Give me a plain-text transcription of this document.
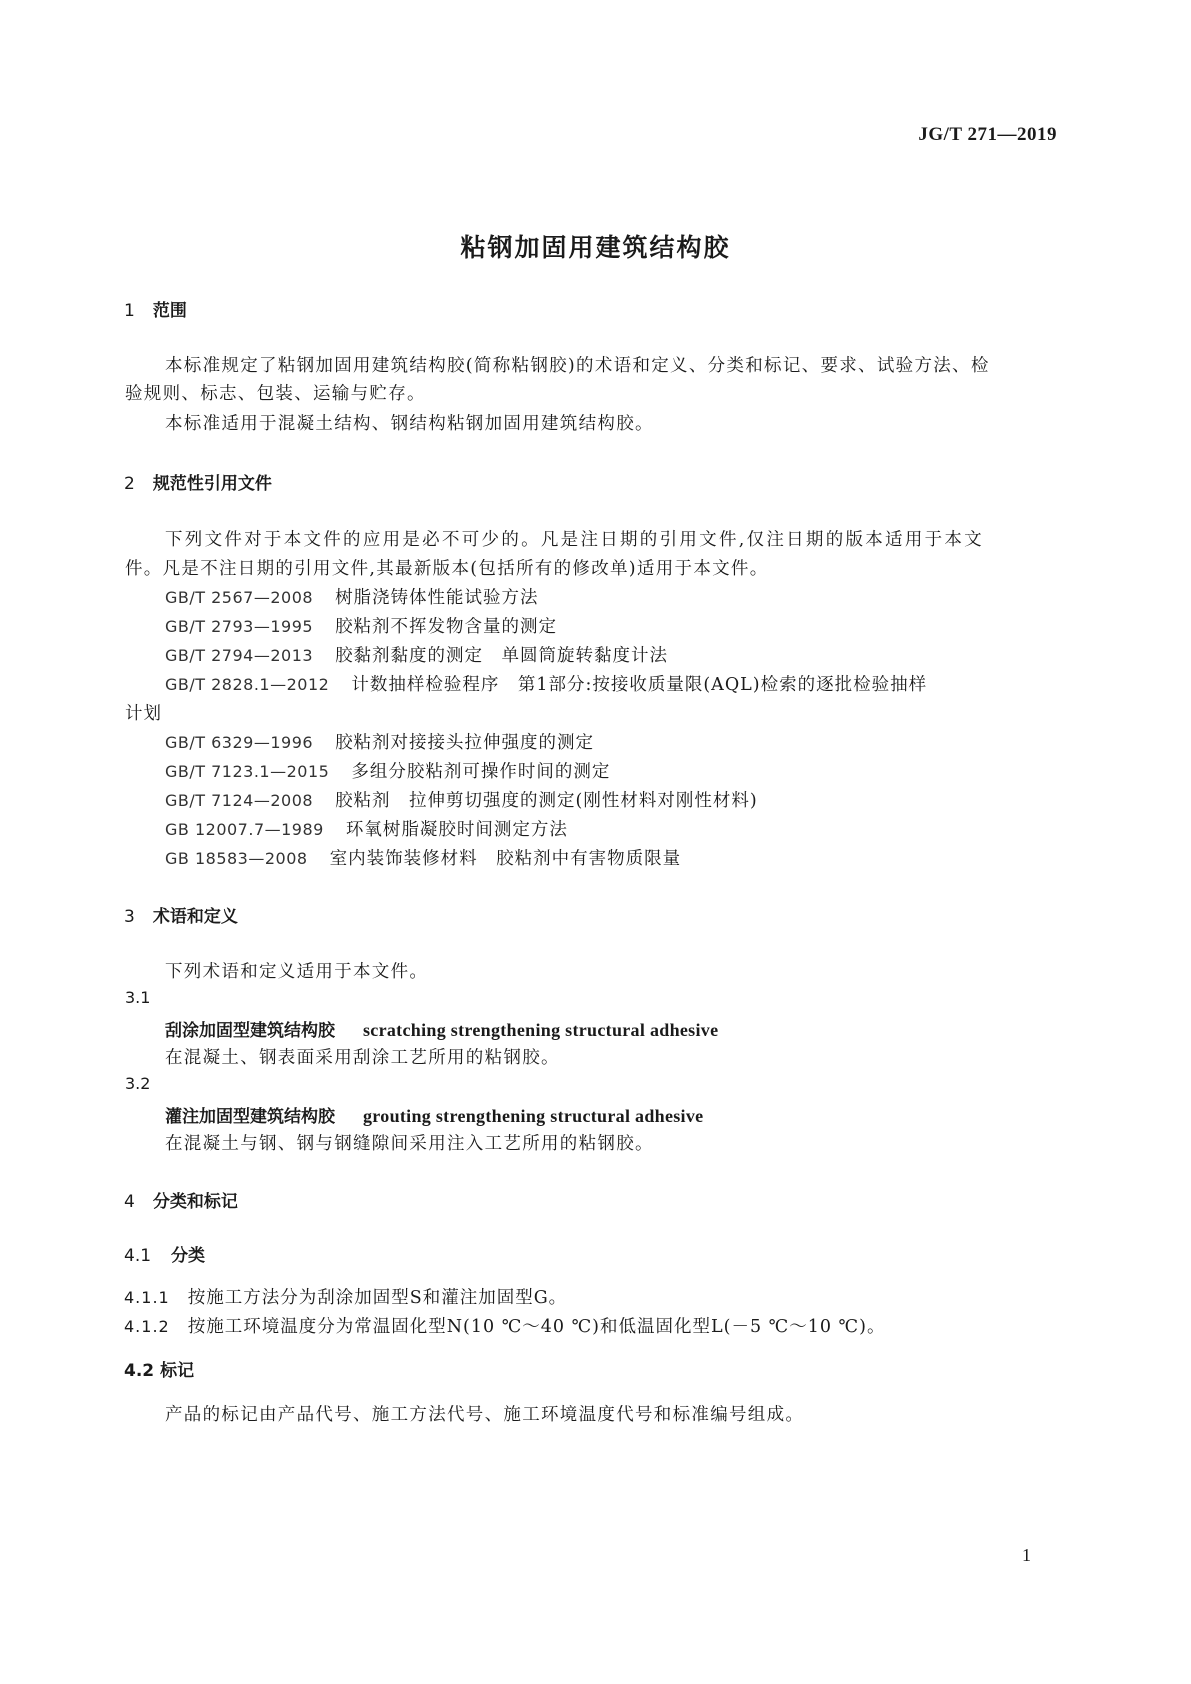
JG/T 271—2019
粘钢加固用建筑结构胶
1 范围
本标准规定了粘钢加固用建筑结构胶(简称粘钢胶)的术语和定义、分类和标记、要求、试验方法、检
验规则、标志、包装、运输与贮存。
本标准适用于混凝土结构、钢结构粘钢加固用建筑结构胶。
2 规范性引用文件
下列文件对于本文件的应用是必不可少的。凡是注日期的引用文件,仅注日期的版本适用于本文
件。凡是不注日期的引用文件,其最新版本(包括所有的修改单)适用于本文件。
GB/T 2567—2008 树脂浇铸体性能试验方法
GB/T 2793—1995 胶粘剂不挥发物含量的测定
GB/T 2794—2013 胶黏剂黏度的测定　单圆筒旋转黏度计法
GB/T 2828.1—2012 计数抽样检验程序　第1部分:按接收质量限(AQL)检索的逐批检验抽样
计划
GB/T 6329—1996 胶粘剂对接接头拉伸强度的测定
GB/T 7123.1—2015 多组分胶粘剂可操作时间的测定
GB/T 7124—2008 胶粘剂　拉伸剪切强度的测定(刚性材料对刚性材料)
GB 12007.7—1989 环氧树脂凝胶时间测定方法
GB 18583—2008 室内装饰装修材料　胶粘剂中有害物质限量
3 术语和定义
下列术语和定义适用于本文件。
3.1
刮涂加固型建筑结构胶 scratching strengthening structural adhesive
在混凝土、钢表面采用刮涂工艺所用的粘钢胶。
3.2
灌注加固型建筑结构胶 grouting strengthening structural adhesive
在混凝土与钢、钢与钢缝隙间采用注入工艺所用的粘钢胶。
4 分类和标记
4.1 分类
4.1.1 按施工方法分为刮涂加固型S和灌注加固型G。
4.1.2 按施工环境温度分为常温固化型N(10 ℃～40 ℃)和低温固化型L(－5 ℃～10 ℃)。
4.2 标记
产品的标记由产品代号、施工方法代号、施工环境温度代号和标准编号组成。
1
